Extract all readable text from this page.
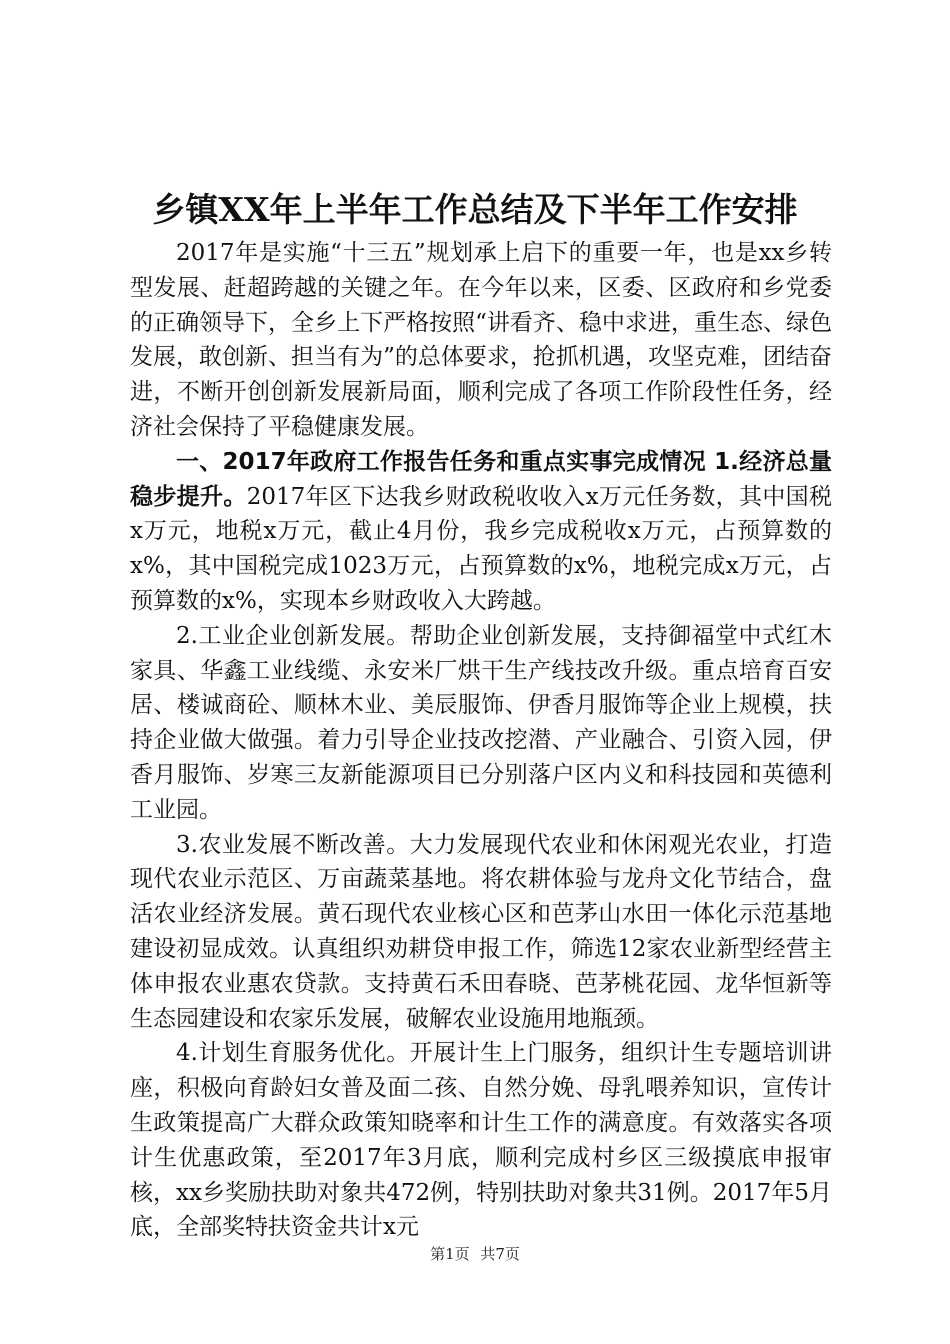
乡镇XX年上半年工作总结及下半年工作安排

2017年是实施“十三五”规划承上启下的重要一年，也是xx乡转型发展、赶超跨越的关键之年。在今年以来，区委、区政府和乡党委的正确领导下，全乡上下严格按照“讲看齐、稳中求进，重生态、绿色发展，敢创新、担当有为”的总体要求，抢抓机遇，攻坚克难，团结奋进，不断开创创新发展新局面，顺利完成了各项工作阶段性任务，经济社会保持了平稳健康发展。

一、2017年政府工作报告任务和重点实事完成情况 1.经济总量稳步提升。2017年区下达我乡财政税收收入x万元任务数，其中国税x万元，地税x万元，截止4月份，我乡完成税收x万元，占预算数的x%，其中国税完成1023万元，占预算数的x%，地税完成x万元，占预算数的x%，实现本乡财政收入大跨越。

2.工业企业创新发展。帮助企业创新发展，支持御福堂中式红木家具、华鑫工业线缆、永安米厂烘干生产线技改升级。重点培育百安居、楼诚商砼、顺林木业、美辰服饰、伊香月服饰等企业上规模，扶持企业做大做强。着力引导企业技改挖潜、产业融合、引资入园，伊香月服饰、岁寒三友新能源项目已分别落户区内义和科技园和英德利工业园。

3.农业发展不断改善。大力发展现代农业和休闲观光农业，打造现代农业示范区、万亩蔬菜基地。将农耕体验与龙舟文化节结合，盘活农业经济发展。黄石现代农业核心区和芭茅山水田一体化示范基地建设初显成效。认真组织劝耕贷申报工作，筛选12家农业新型经营主体申报农业惠农贷款。支持黄石禾田春晓、芭茅桃花园、龙华恒新等生态园建设和农家乐发展，破解农业设施用地瓶颈。

4.计划生育服务优化。开展计生上门服务，组织计生专题培训讲座，积极向育龄妇女普及面二孩、自然分娩、母乳喂养知识，宣传计生政策提高广大群众政策知晓率和计生工作的满意度。有效落实各项计生优惠政策，至2017年3月底，顺利完成村乡区三级摸底申报审核，xx乡奖励扶助对象共472例，特别扶助对象共31例。2017年5月底，全部奖特扶资金共计x元

第1页 共7页
